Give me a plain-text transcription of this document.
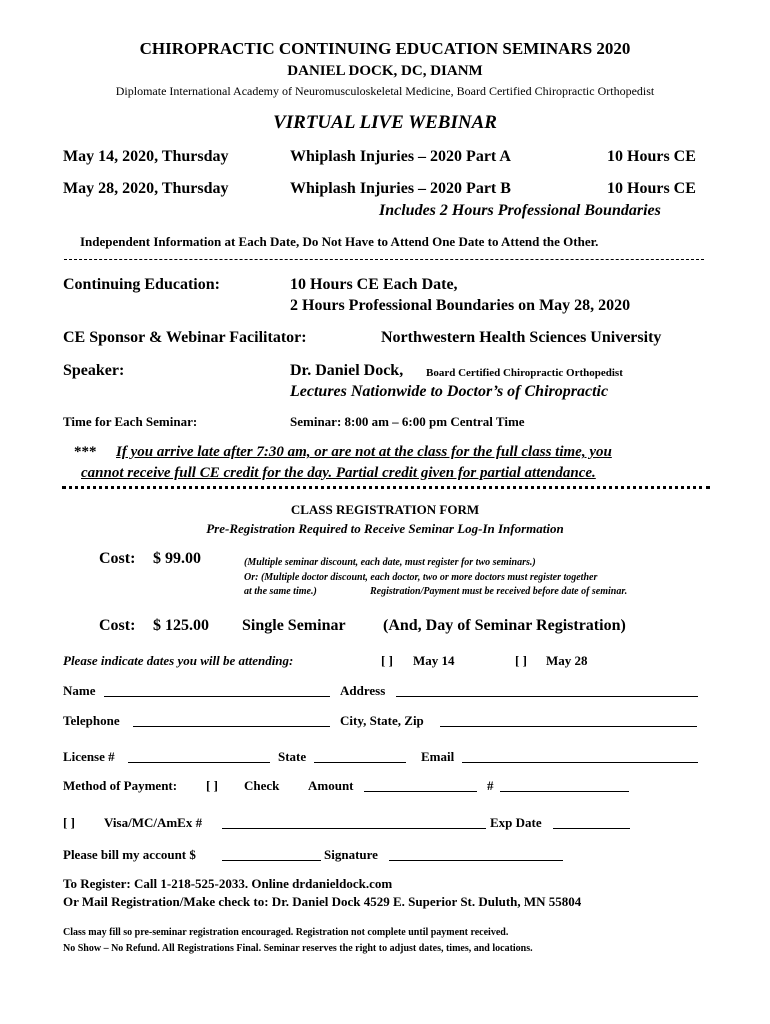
CHIROPRACTIC CONTINUING EDUCATION SEMINARS 2020
DANIEL DOCK, DC, DIANM
Diplomate International Academy of Neuromusculoskeletal Medicine, Board Certified Chiropractic Orthopedist
VIRTUAL LIVE WEBINAR
May 14, 2020, Thursday	Whiplash Injuries – 2020 Part A	10 Hours CE
May 28, 2020, Thursday	Whiplash Injuries – 2020 Part B	10 Hours CE
Includes 2 Hours Professional Boundaries
Independent Information at Each Date, Do Not Have to Attend One Date to Attend the Other.
Continuing Education:	10 Hours CE Each Date,
2 Hours Professional Boundaries on May 28, 2020
CE Sponsor & Webinar Facilitator:	Northwestern Health Sciences University
Speaker:	Dr. Daniel Dock, Board Certified Chiropractic Orthopedist
Lectures Nationwide to Doctor’s of Chiropractic
Time for Each Seminar:	Seminar: 8:00 am – 6:00 pm Central Time
*** If you arrive late after 7:30 am, or are not at the class for the full class time, you
cannot receive full CE credit for the day. Partial credit given for partial attendance.
CLASS REGISTRATION FORM
Pre-Registration Required to Receive Seminar Log-In Information
Cost: $ 99.00	(Multiple seminar discount, each date, must register for two seminars.)
Or: (Multiple doctor discount, each doctor, two or more doctors must register together
at the same time.)	Registration/Payment must be received before date of seminar.
Cost: $ 125.00 Single Seminar (And, Day of Seminar Registration)
Please indicate dates you will be attending:	[ ] May 14	[ ] May 28
Name	Address
Telephone	City, State, Zip
License #	State	Email
Method of Payment: [ ] Check Amount	#
[ ] Visa/MC/AmEx #	Exp Date
Please bill my account $	Signature
To Register: Call 1-218-525-2033. Online drdanieldock.com
Or Mail Registration/Make check to: Dr. Daniel Dock 4529 E. Superior St. Duluth, MN 55804
Class may fill so pre-seminar registration encouraged. Registration not complete until payment received.
No Show – No Refund. All Registrations Final. Seminar reserves the right to adjust dates, times, and locations.
